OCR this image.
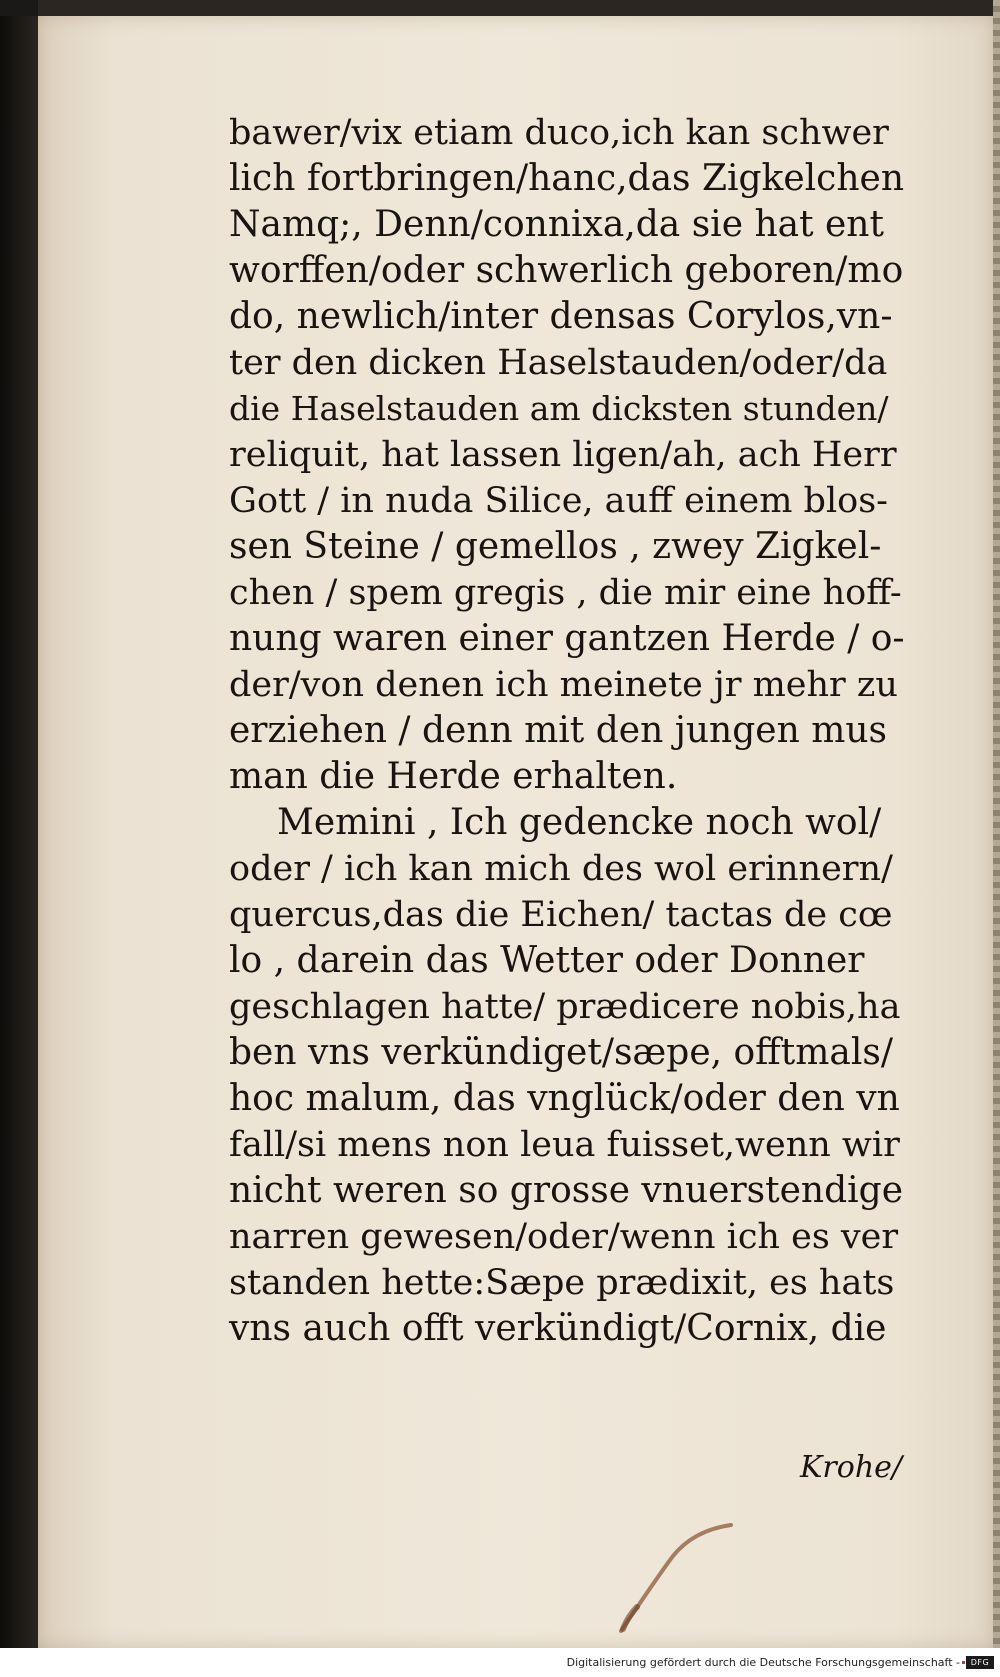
bawer/vix etiam duco,ich kan schwer
lich fortbringen/hanc,das Zigkelchen
Namq;, Denn/connixa,da sie hat ent
worffen/oder schwerlich geboren/mo
do, newlich/inter densas Corylos,vn-
ter den dicken Haselstauden/oder/da
die Haselstauden am dicksten stunden/
reliquit, hat lassen ligen/ah, ach Herr
Gott / in nuda Silice, auff einem blos-
sen Steine / gemellos , zwey Zigkel-
chen / spem gregis , die mir eine hoff-
nung waren einer gantzen Herde / o-
der/von denen ich meinete jr mehr zu
erziehen / denn mit den jungen mus
man die Herde erhalten.
Memini , Ich gedencke noch wol/
oder / ich kan mich des wol erinnern/
quercus,das die Eichen/ tactas de cœ
lo , darein das Wetter oder Donner
geschlagen hatte/ prædicere nobis,ha
ben vns verkündiget/sæpe, offtmals/
hoc malum, das vnglück/oder den vn
fall/si mens non leua fuisset,wenn wir
nicht weren so grosse vnuerstendige
narren gewesen/oder/wenn ich es ver
standen hette:Sæpe prædixit, es hats
vns auch offt verkündigt/Cornix, die
Krohe/
Digitalisierung gefördert durch die Deutsche Forschungsgemeinschaft -	DFG
